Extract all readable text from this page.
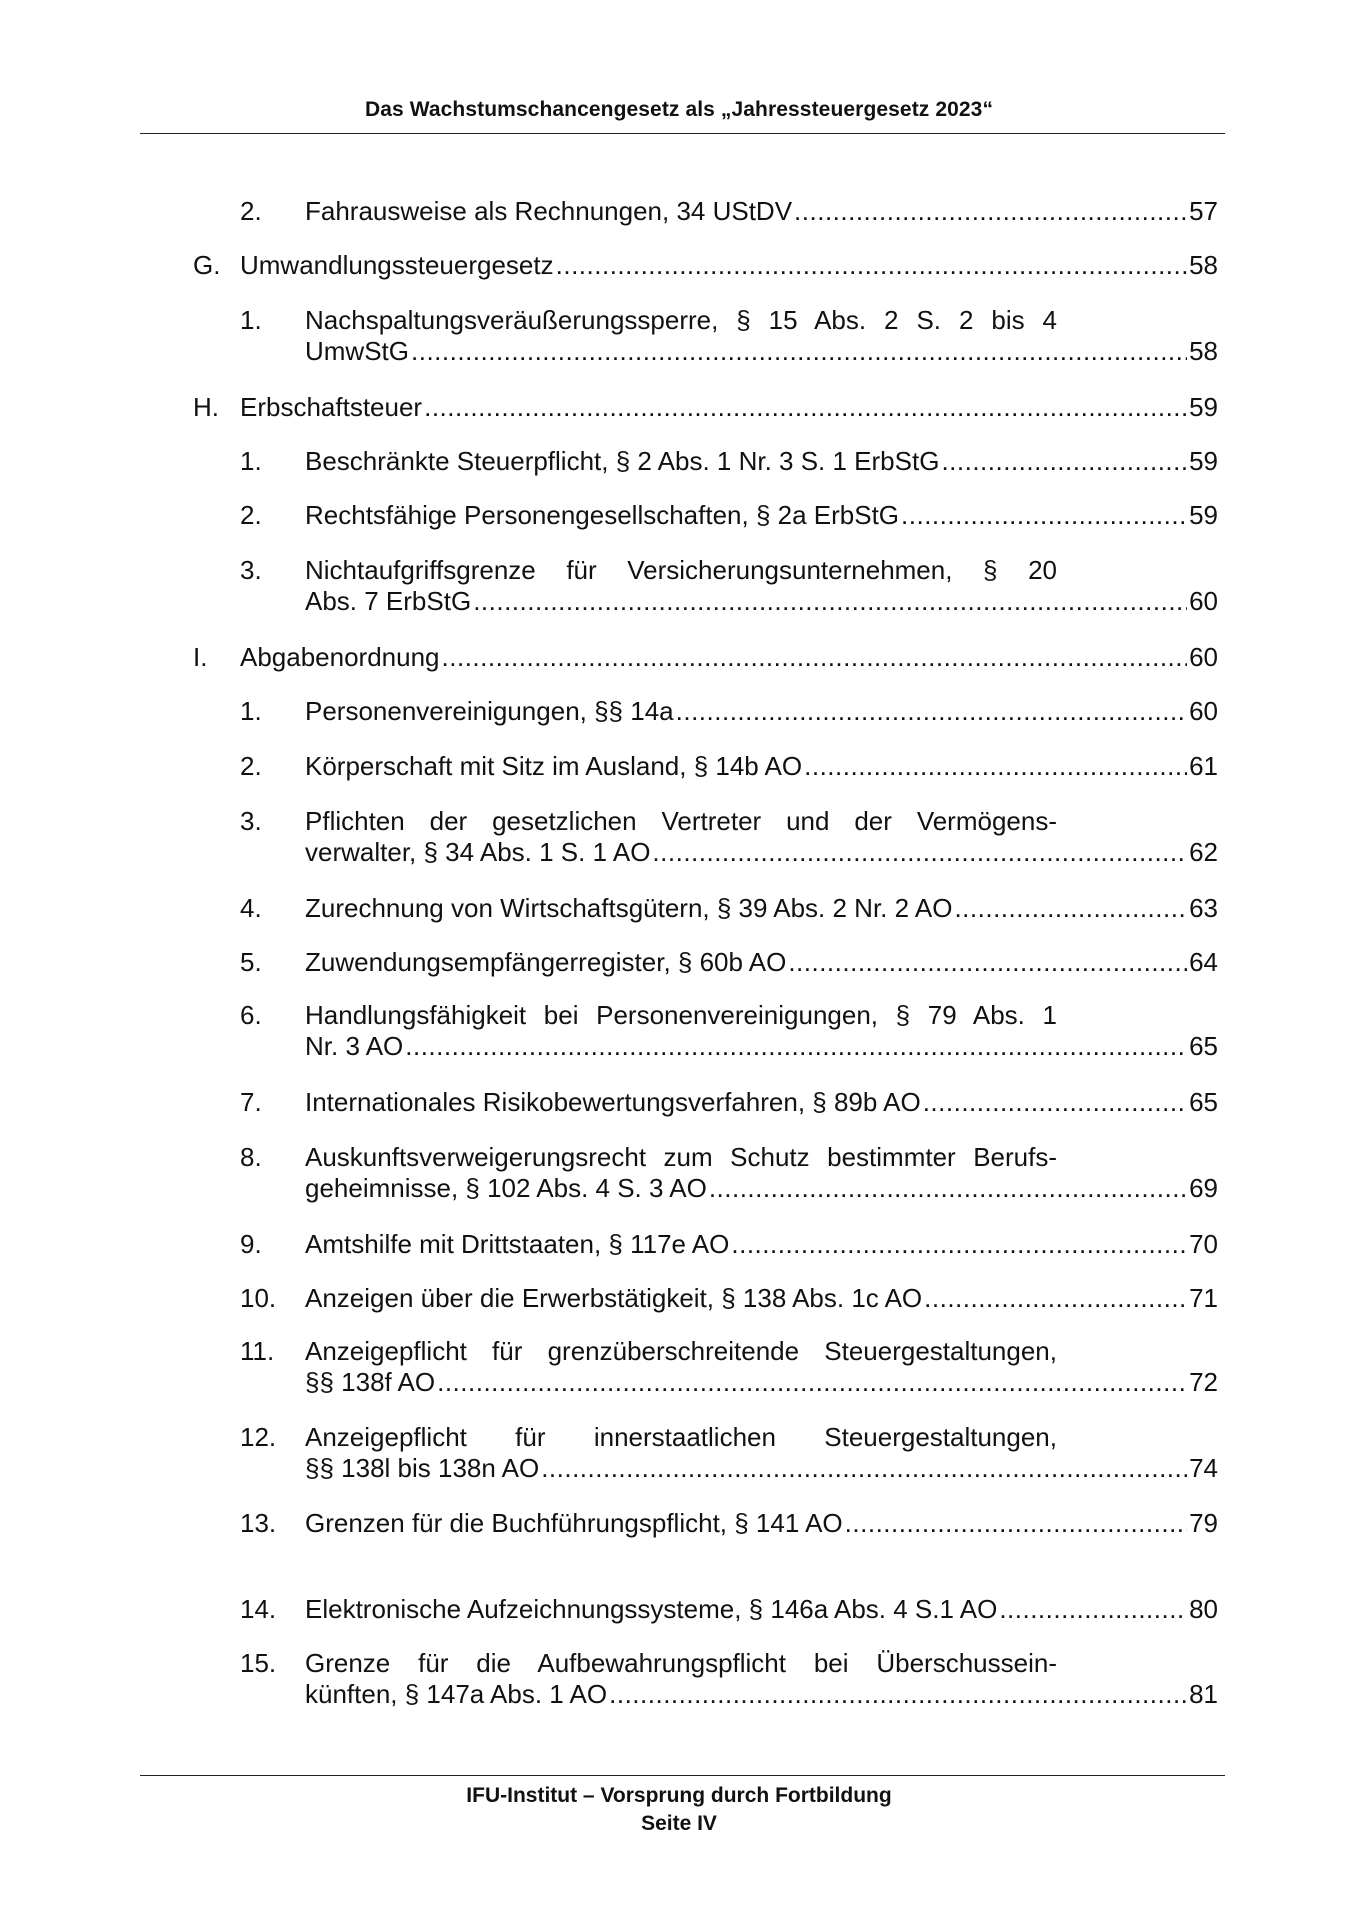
Das Wachstumschancengesetz als „Jahressteuergesetz 2023“
2. Fahrausweise als Rechnungen, 34 UStDV .....	57
G. Umwandlungssteuergesetz .....	58
1. Nachspaltungsveräußerungssperre, § 15 Abs. 2 S. 2 bis 4
UmwStG .....	58
H. Erbschaftsteuer .....	59
1. Beschränkte Steuerpflicht, § 2 Abs. 1 Nr. 3 S. 1 ErbStG .....	59
2. Rechtsfähige Personengesellschaften, § 2a ErbStG .....	59
3. Nichtaufgriffsgrenze für Versicherungsunternehmen, § 20
Abs. 7 ErbStG .....	60
I. Abgabenordnung .....	60
1. Personenvereinigungen, §§ 14a .....	60
2. Körperschaft mit Sitz im Ausland, § 14b AO .....	61
3. Pflichten der gesetzlichen Vertreter und der Vermögens-
verwalter, § 34 Abs. 1 S. 1 AO .....	62
4. Zurechnung von Wirtschaftsgütern, § 39 Abs. 2 Nr. 2 AO .....	63
5. Zuwendungsempfängerregister, § 60b AO .....	64
6. Handlungsfähigkeit bei Personenvereinigungen, § 79 Abs. 1
Nr. 3 AO .....	65
7. Internationales Risikobewertungsverfahren, § 89b AO .....	65
8. Auskunftsverweigerungsrecht zum Schutz bestimmter Berufs-
geheimnisse, § 102 Abs. 4 S. 3 AO .....	69
9. Amtshilfe mit Drittstaaten, § 117e AO .....	70
10. Anzeigen über die Erwerbstätigkeit, § 138 Abs. 1c AO .....	71
11. Anzeigepflicht für grenzüberschreitende Steuergestaltungen,
§§ 138f AO .....	72
12. Anzeigepflicht für innerstaatlichen Steuergestaltungen,
§§ 138l bis 138n AO .....	74
13. Grenzen für die Buchführungspflicht, § 141 AO .....	79
14. Elektronische Aufzeichnungssysteme, § 146a Abs. 4 S.1 AO .....	80
15. Grenze für die Aufbewahrungspflicht bei Überschussein-
künften, § 147a Abs. 1 AO .....	81
IFU-Institut – Vorsprung durch Fortbildung
Seite IV
